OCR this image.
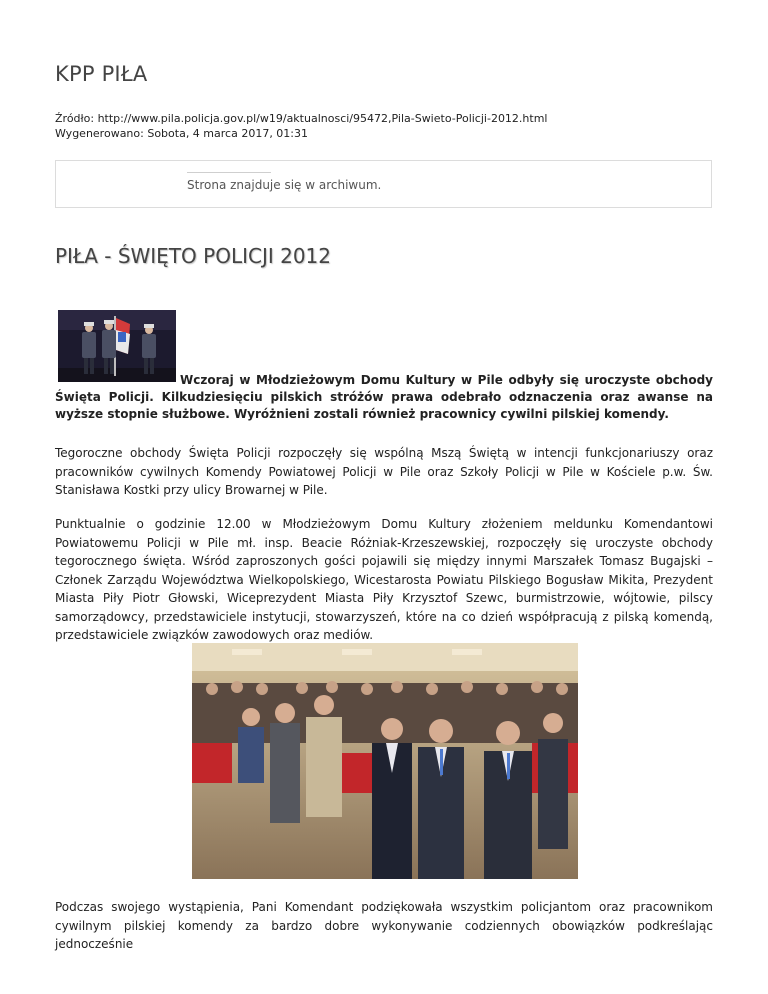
KPP PIŁA
Źródło: http://www.pila.policja.gov.pl/w19/aktualnosci/95472,Pila-Swieto-Policji-2012.html
Wygenerowano: Sobota, 4 marca 2017, 01:31
Strona znajduje się w archiwum.
PIŁA - ŚWIĘTO POLICJI 2012

Wczoraj w Młodzieżowym Domu Kultury w Pile odbyły się uroczyste obchody Święta Policji. Kilkudziesięciu pilskich stróżów prawa odebrało odznaczenia oraz awanse na wyższe stopnie służbowe. Wyróżnieni zostali również pracownicy cywilni pilskiej komendy.

Tegoroczne obchody Święta Policji rozpoczęły się wspólną Mszą Świętą w intencji funkcjonariuszy oraz pracowników cywilnych Komendy Powiatowej Policji w Pile oraz Szkoły Policji w Pile w Kościele p.w. Św. Stanisława Kostki przy ulicy Browarnej w Pile.

Punktualnie o godzinie 12.00 w Młodzieżowym Domu Kultury złożeniem meldunku Komendantowi Powiatowemu Policji w Pile mł. insp. Beacie Różniak-Krzeszewskiej, rozpoczęły się uroczyste obchody tegorocznego święta. Wśród zaproszonych gości pojawili się między innymi Marszałek Tomasz Bugajski – Członek Zarządu Województwa Wielkopolskiego, Wicestarosta Powiatu Pilskiego Bogusław Mikita, Prezydent Miasta Piły Piotr Głowski, Wiceprezydent Miasta Piły Krzysztof Szewc, burmistrzowie, wójtowie, pilscy samorządowcy, przedstawiciele instytucji, stowarzyszeń, które na co dzień współpracują z pilską komendą, przedstawiciele związków zawodowych oraz mediów.

Podczas swojego wystąpienia, Pani Komendant podziękowała wszystkim policjantom oraz pracownikom cywilnym pilskiej komendy za bardzo dobre wykonywanie codziennych obowiązków podkreślając jednocześnie
